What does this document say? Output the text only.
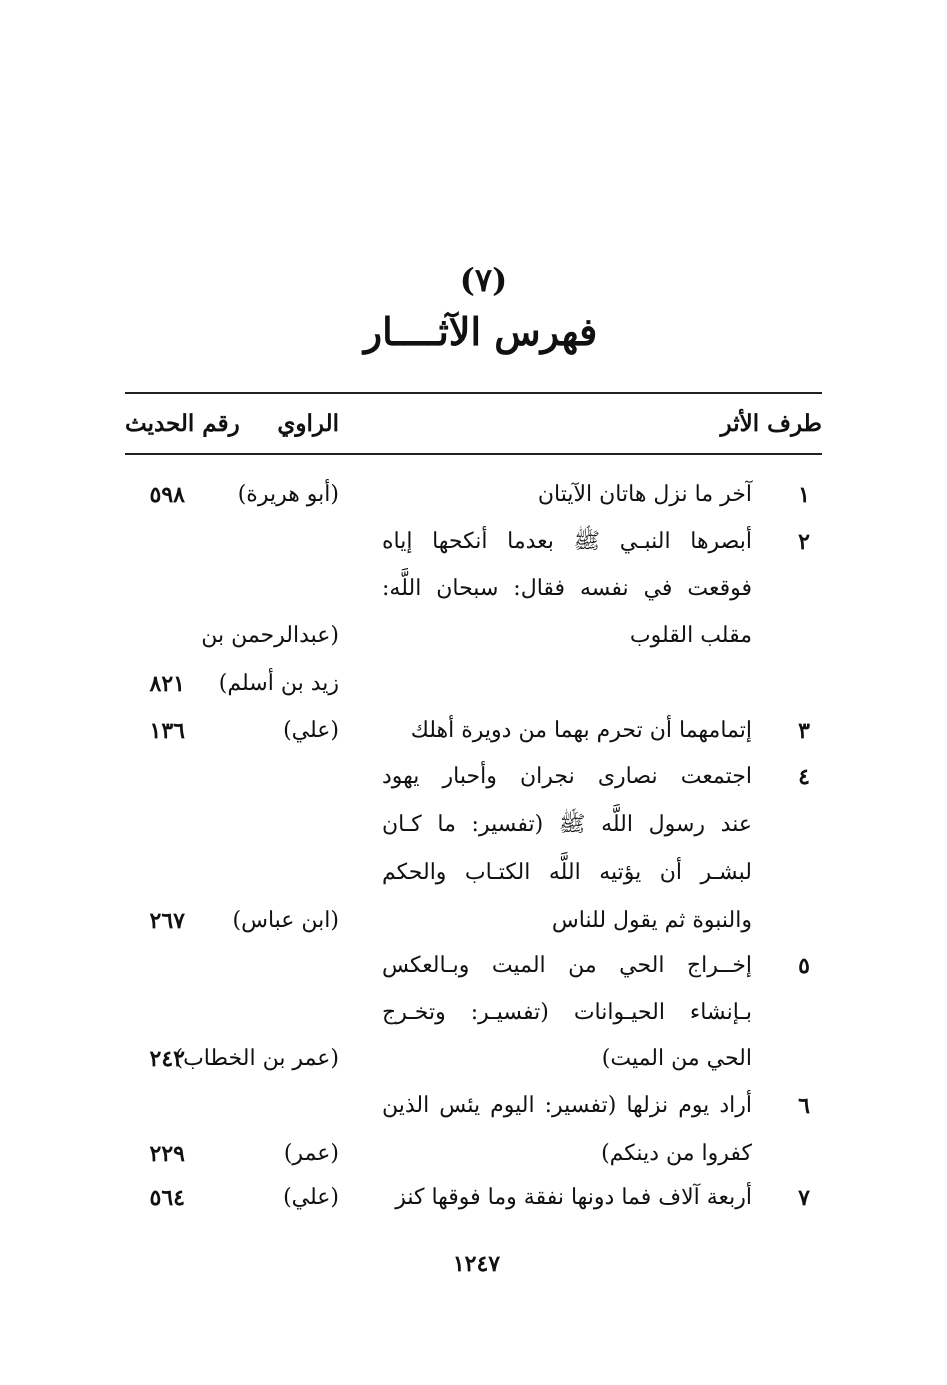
(٧)
فهرس الآثــــار
طرف الأثر
الراوي
رقم الحديث
١
آخر ما نزل هاتان الآيتان
(أبو هريرة)
٥٩٨
٢
أبصرها النبـي ﷺ بعدما أنكحها إياه
فوقعت في نفسه فقال: سبحان اللَّه:
مقلب القلوب
(عبدالرحمن بن
زيد بن أسلم)
٨٢١
٣
إتمامهما أن تحرم بهما من دويرة أهلك
(علي)
١٣٦
٤
اجتمعت نصارى نجران وأحبار يهود
عند رسول اللَّه ﷺ (تفسير: ما كـان
لبشـر أن يؤتيه اللَّه الكتـاب والحكم
والنبوة ثم يقول للناس
(ابن عباس)
٢٦٧
٥
إخــراج الحي من الميت وبـالعكس
بـإنشاء الحيـوانات (تفسيـر: وتخـرج
الحي من الميت)
(عمر بن الخطاب)
٢٤٢
٦
أراد يوم نزلها (تفسير: اليوم يئس الذين
كفروا من دينكم)
(عمر)
٢٢٩
٧
أربعة آلاف فما دونها نفقة وما فوقها كنز
(علي)
٥٦٤
١٢٤٧
